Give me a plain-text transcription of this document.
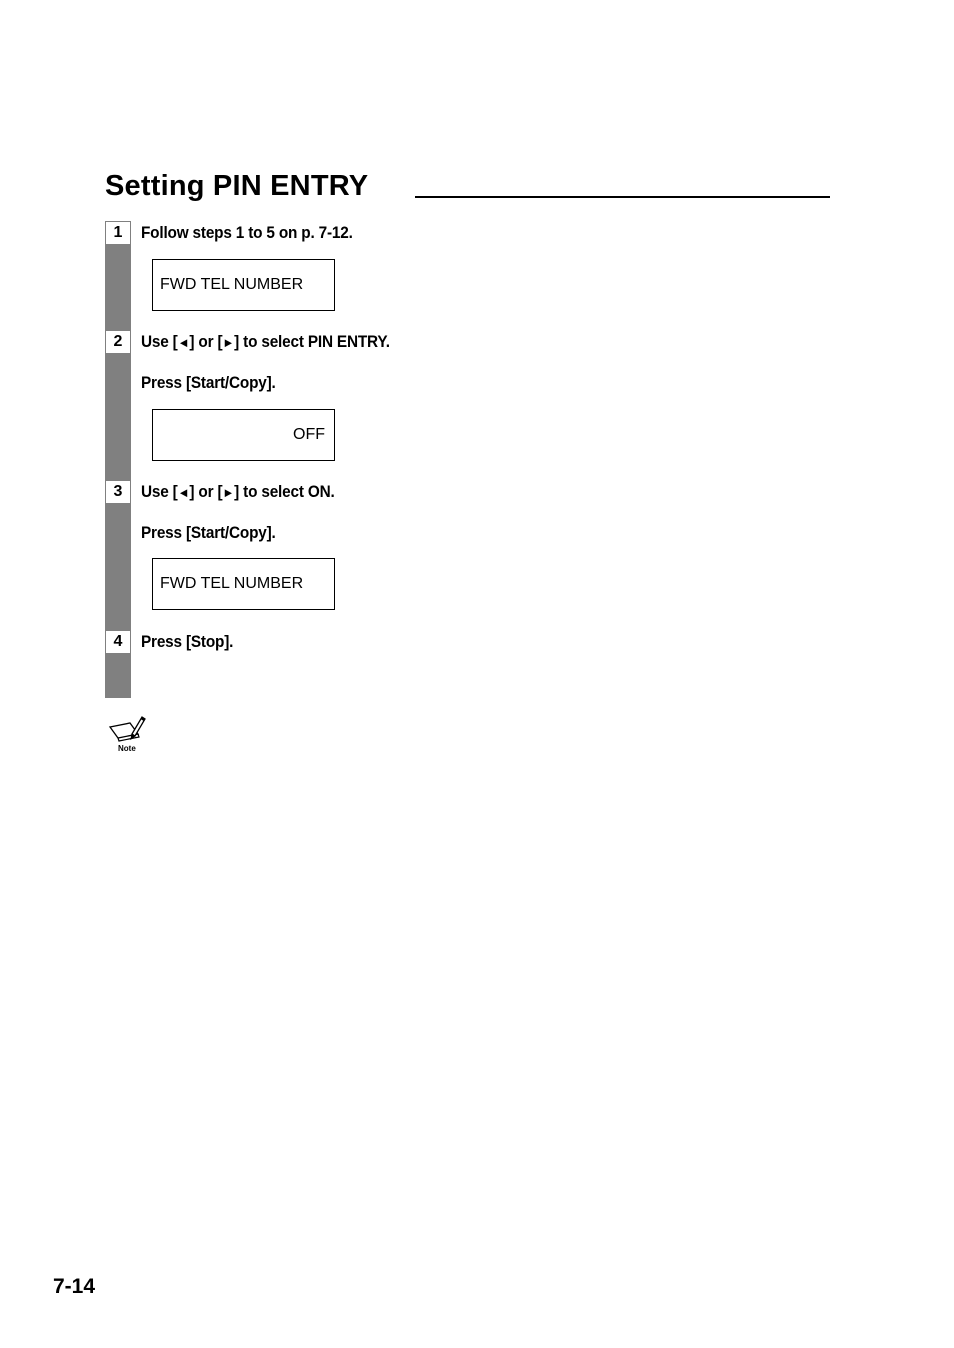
Setting PIN ENTRY
1	Follow steps 1 to 5 on p. 7-12.
FWD TEL NUMBER
2	Use [◄] or [►] to select PIN ENTRY.
Press [Start/Copy].
OFF
3	Use [◄] or [►] to select ON.
Press [Start/Copy].
FWD TEL NUMBER
4	Press [Stop].
Note
7-14
